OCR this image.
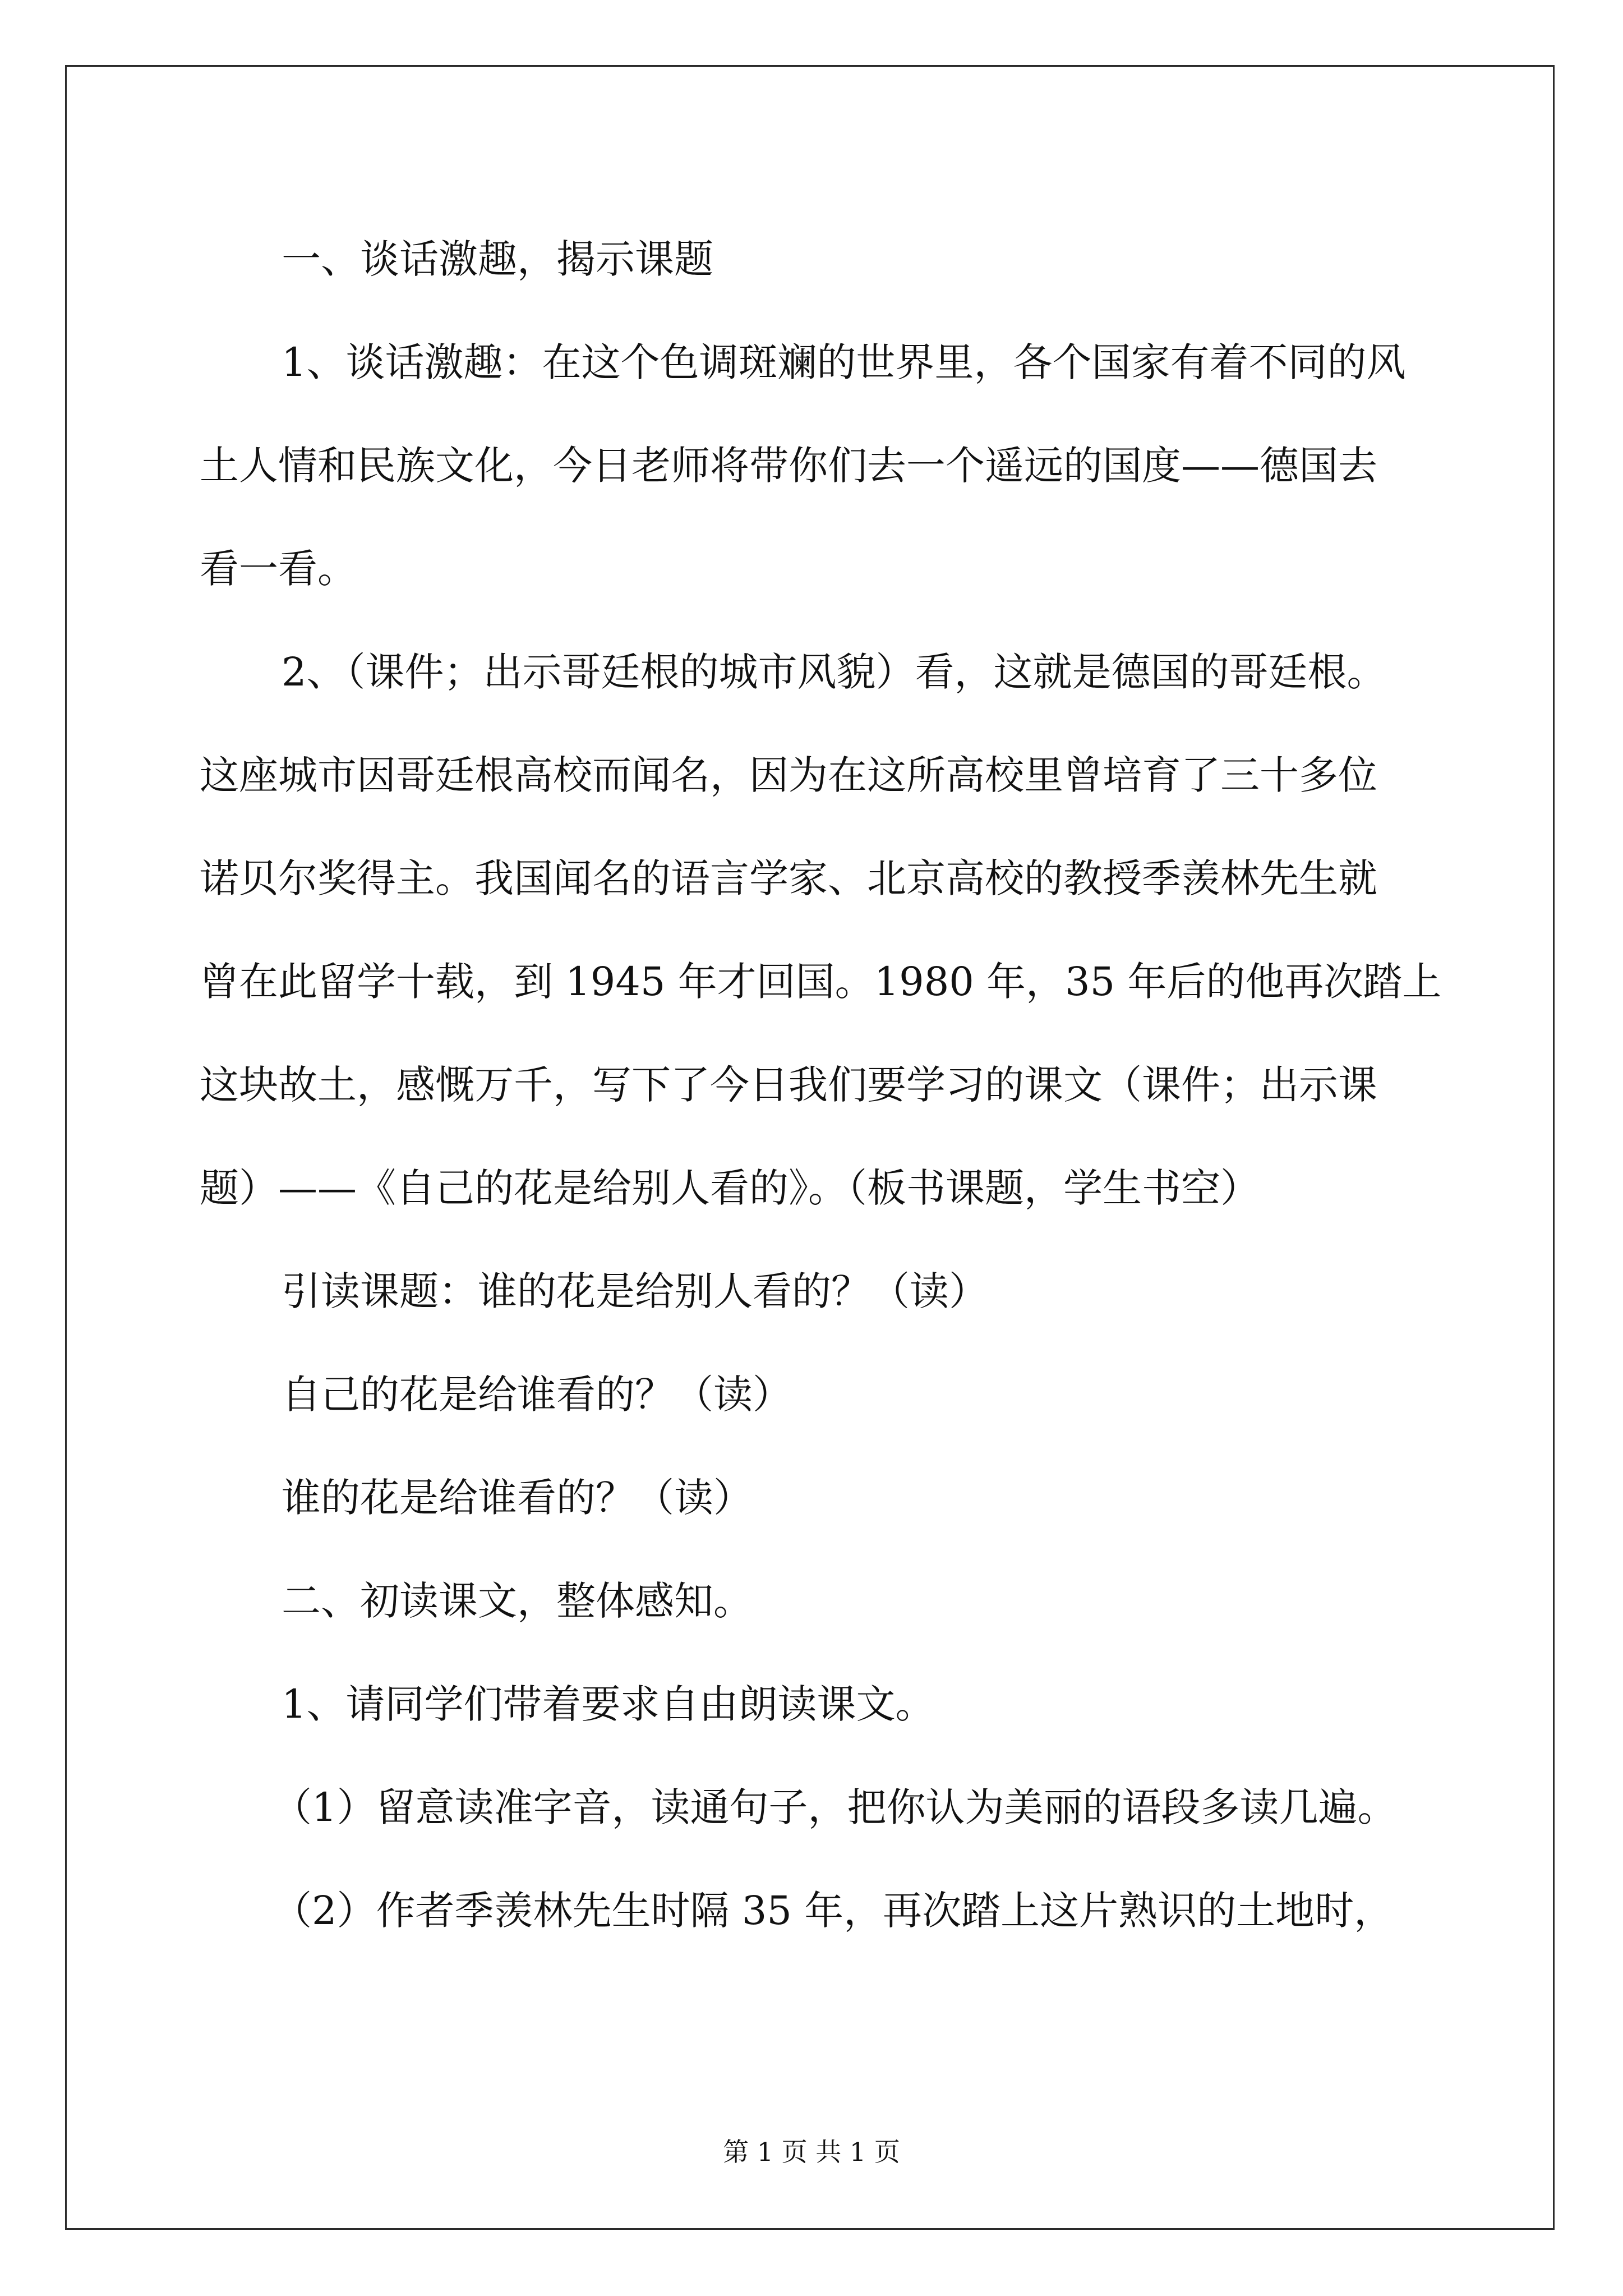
一、谈话激趣，揭示课题

1、谈话激趣：在这个色调斑斓的世界里，各个国家有着不同的风

土人情和民族文化，今日老师将带你们去一个遥远的国度——德国去

看一看。

2、（课件；出示哥廷根的城市风貌）看，这就是德国的哥廷根。

这座城市因哥廷根高校而闻名，因为在这所高校里曾培育了三十多位

诺贝尔奖得主。我国闻名的语言学家、北京高校的教授季羡林先生就

曾在此留学十载，到 1945 年才回国。1980 年，35 年后的他再次踏上

这块故土，感慨万千，写下了今日我们要学习的课文（课件；出示课

题）——《自己的花是给别人看的》。（板书课题，学生书空）

引读课题：谁的花是给别人看的？（读）

自己的花是给谁看的？（读）

谁的花是给谁看的？（读）

二、初读课文，整体感知。

1、请同学们带着要求自由朗读课文。

（1）留意读准字音，读通句子，把你认为美丽的语段多读几遍。

（2）作者季羡林先生时隔 35 年，再次踏上这片熟识的土地时，

第 1 页 共 1 页
